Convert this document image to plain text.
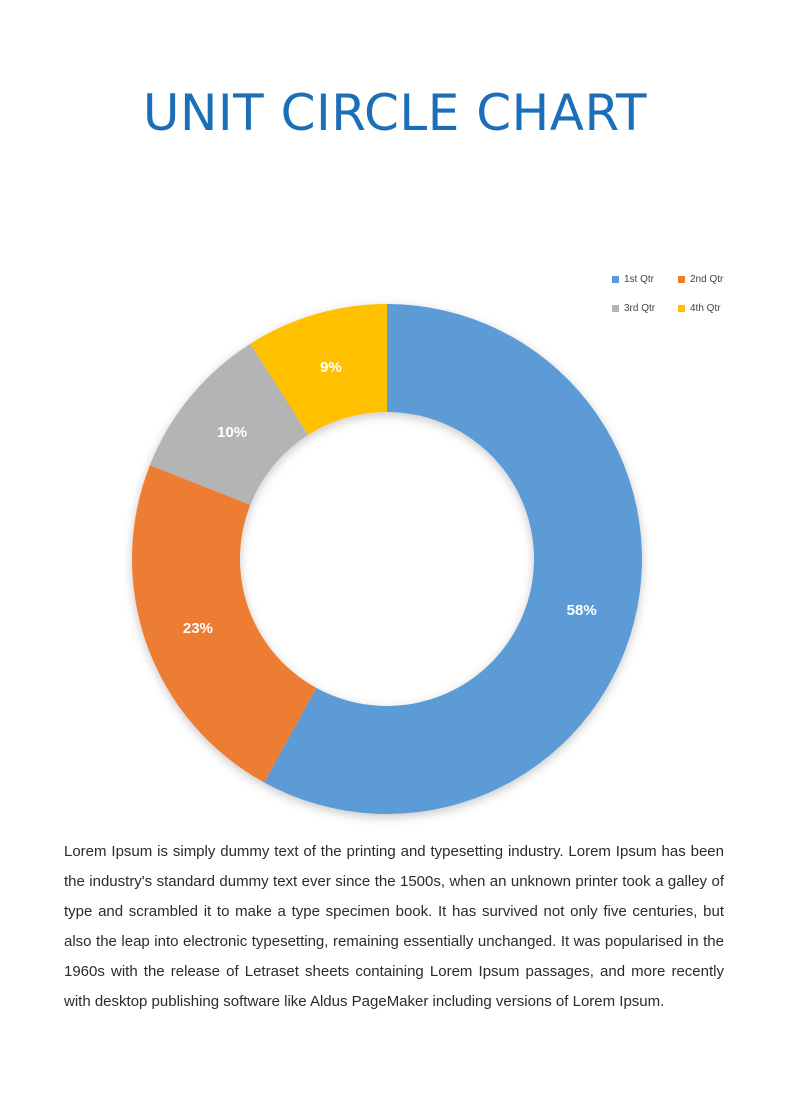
UNIT CIRCLE CHART
58%
23%
10%
9%
1st Qtr	2nd Qtr
3rd Qtr	4th Qtr

Lorem Ipsum is simply dummy text of the printing and typesetting industry. Lorem Ipsum has been the industry's standard dummy text ever since the 1500s, when an unknown printer took a galley of type and scrambled it to make a type specimen book. It has survived not only five centuries, but also the leap into electronic typesetting, remaining essentially unchanged. It was popularised in the 1960s with the release of Letraset sheets containing Lorem Ipsum passages, and more recently with desktop publishing software like Aldus PageMaker including versions of Lorem Ipsum.
